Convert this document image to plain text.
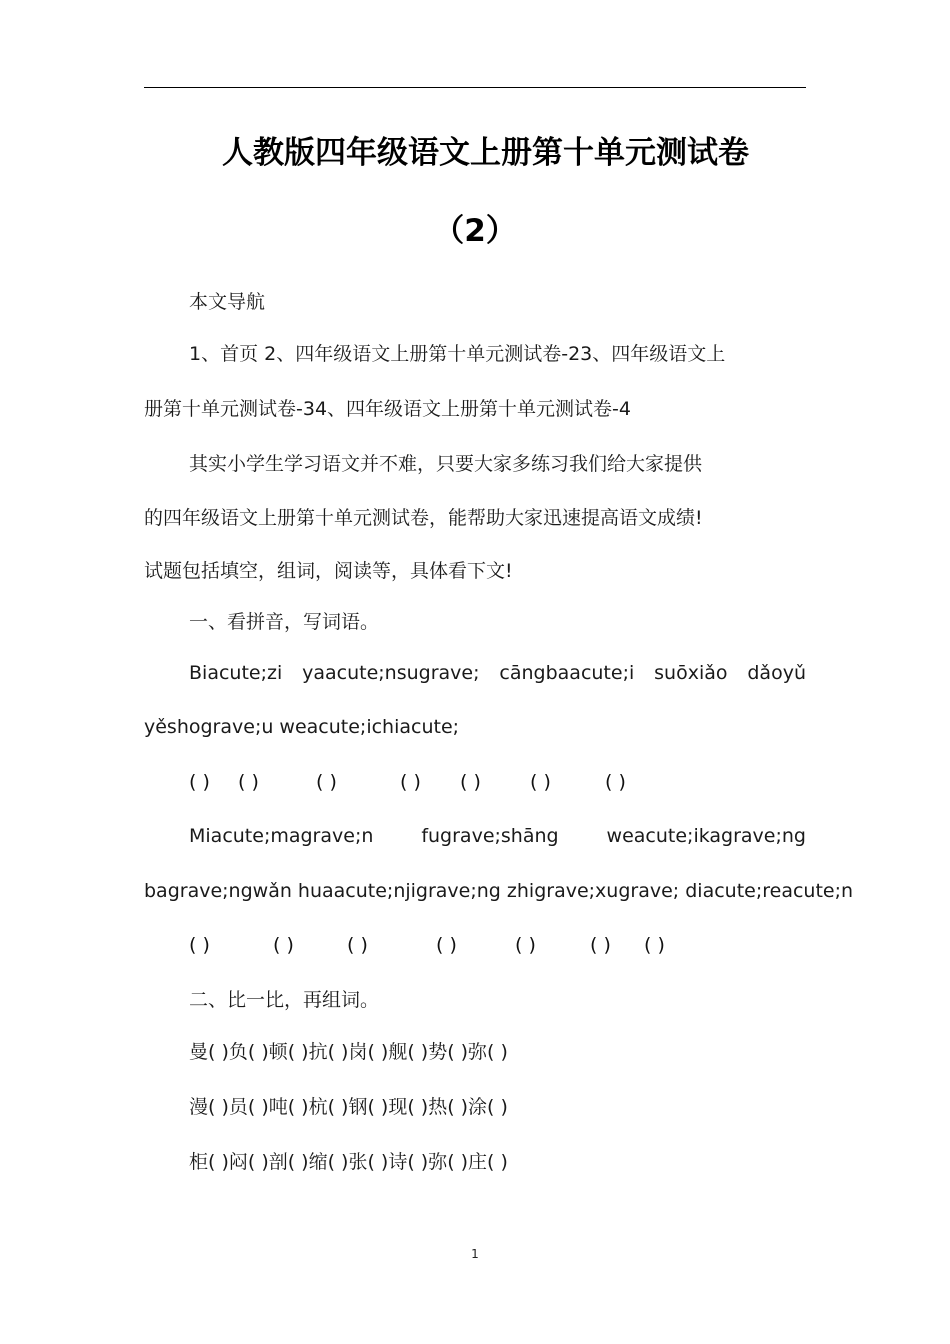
人教版四年级语文上册第十单元测试卷
（2）
本文导航
1、首页 2、四年级语文上册第十单元测试卷-23、四年级语文上
册第十单元测试卷-34、四年级语文上册第十单元测试卷-4
其实小学生学习语文并不难，只要大家多练习我们给大家提供
的四年级语文上册第十单元测试卷，能帮助大家迅速提高语文成绩!
试题包括填空，组词，阅读等，具体看下文!
一、看拼音，写词语。
Biacute;zi yaacute;nsugrave; cāngbaacute;i suōxiǎo dǎoyǔ
yěshograve;u weacute;ichiacute;
( ) ( )	( )	( ) ( )	( )	( )
Miacute;magrave;n	fugrave;shāng	weacute;ikagrave;ng
bagrave;ngwǎn huaacute;njigrave;ng zhigrave;xugrave; diacute;reacute;n
( )	( )	( )	( )	( )	( ) ( )
二、比一比，再组词。
曼( )负( )顿( )抗( )岗( )舰( )势( )弥( )
漫( )员( )吨( )杭( )钢( )现( )热( )涂( )
柜( )闷( )剖( )缩( )张( )诗( )弥( )庄( )
1
